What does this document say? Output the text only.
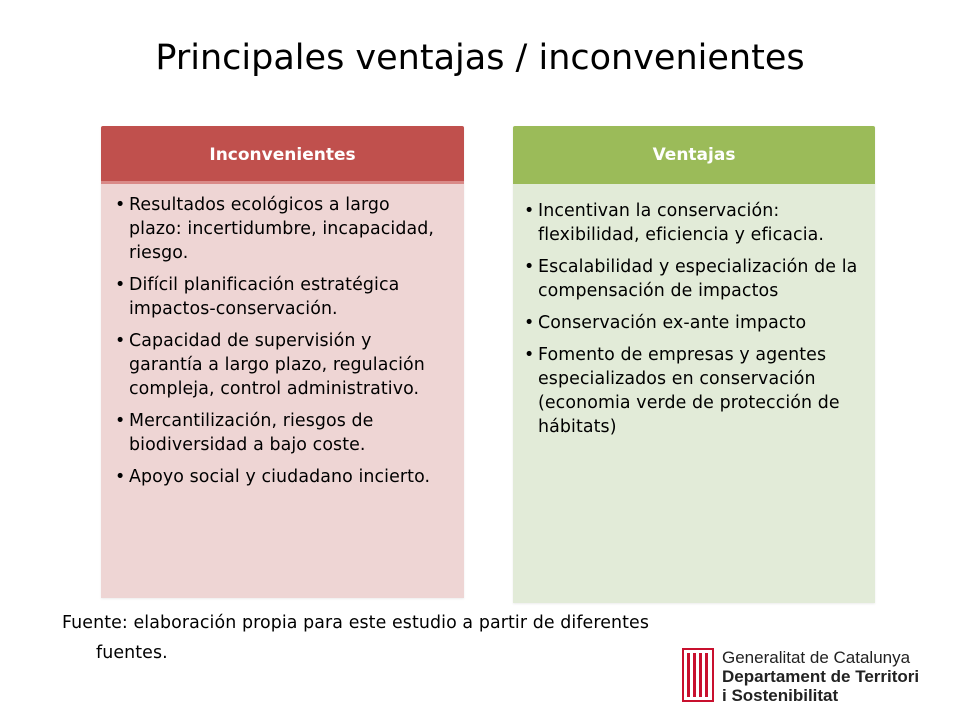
Principales ventajas / inconvenientes
Inconvenientes
• Resultados ecológicos a largo plazo: incertidumbre, incapacidad, riesgo.
• Difícil planificación estratégica impactos-conservación.
• Capacidad de supervisión y garantía a largo plazo, regulación compleja, control administrativo.
• Mercantilización, riesgos de biodiversidad a bajo coste.
• Apoyo social y ciudadano incierto.
Ventajas
• Incentivan la conservación: flexibilidad, eficiencia y eficacia.
• Escalabilidad y especialización de la compensación de impactos
• Conservación ex-ante impacto
• Fomento de empresas y agentes especializados en conservación (economia verde de protección de hábitats)
Fuente: elaboración propia para este estudio a partir de diferentes fuentes.	Generalitat de Catalunya
Departament de Territori
i Sostenibilitat
